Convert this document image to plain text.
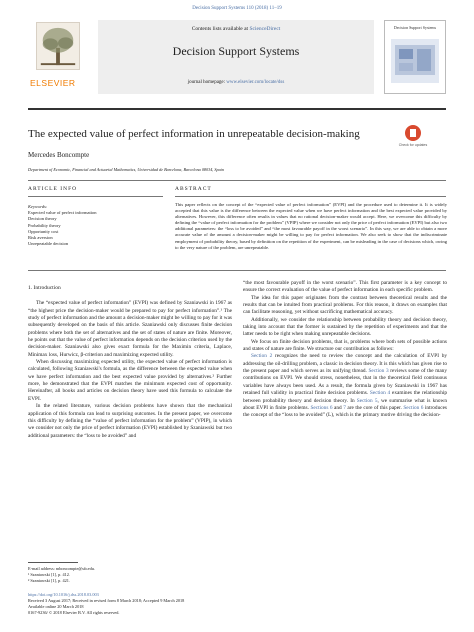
Decision Support Systems 110 (2018) 11–19
ELSEVIER
Contents lists available at ScienceDirect
Decision Support Systems
journal homepage: www.elsevier.com/locate/dss
Decision Support Systems
The expected value of perfect information in unrepeatable decision-making
Check for updates
Mercedes Boncompte
Department of Economic, Financial and Actuarial Mathematics, Universidad de Barcelona, Barcelona 08034, Spain
ARTICLE INFO	ABSTRACT
Keywords:
Expected value of perfect information
Decision theory
Probability theory
Opportunity cost
Risk aversion
Unrepeatable decision
This paper reflects on the concept of the “expected value of perfect information” (EVPI) and the procedure used to determine it. It is widely accepted that this value is the difference between the expected value when we have perfect information and the best expected value provided by alternatives. However, this difference often results in values that no rational decision-maker would accept. Here, we overcome this difficulty by defining the “value of perfect information for the problem” (VPIP) where we consider not only the price of perfect information (EVPI) but also two additional parameters: the “loss to be avoided” and “the most favourable payoff in the worst scenario”. In this way, we are able to obtain a more accurate value of the amount a decision-maker might be willing to pay for perfect information. We also seek to show that the indiscriminate employment of probability theory, based by definition on the repetition of the experiment, can be misleading in the case of decisions which, owing to the very nature of the problem, are unrepeatable.
1. Introduction

The “expected value of perfect information” (EVPI) was defined by Szaniawski in 1967 as “the highest price the decision-maker would be prepared to pay for perfect information”.¹ The study of perfect information and the amount a decision-maker might be willing to pay for it was subsequently developed on the basis of this article. Szaniawski only discusses finite decision problems where both the set of alternatives and the set of states of nature are finite. Moreover, he points out that the value of perfect information depends on the decision criterion used by the decision-maker. Szaniawski also gives exact formula for the Maximin criteria, Laplace, Minimax loss, Hurwicz, β-criterion and maximizing expected utility.

When discussing maximizing expected utility, the expected value of perfect information is calculated, following Szaniawski's formula, as the difference between the expected value when we have perfect information and the best expected value provided by alternatives.² Further more, he demonstrated that the EVPI matches the minimum expected cost of opportunity. Hereinafter, all books and articles on decision theory have used this formula to calculate the EVPI.

In the related literature, various decision problems have shown that the mechanical application of this formula can lead to surprising outcomes. In the present paper, we overcome this difficulty by defining the “value of perfect information for the problem” (VPIP), in which we consider not only the price of perfect information (EVPI) established by Szaniawski but two additional parameters: the “loss to be avoided” and

“the most favourable payoff in the worst scenario”. This first parameter is a key concept to ensure the correct evaluation of the value of perfect information in each specific problem.

The idea for this paper originates from the contrast between theoretical results and the results that can be intuited from practical problems. For this reason, it draws on examples that can facilitate reasoning, yet without sacrificing mathematical accuracy.

Additionally, we consider the relationship between probability theory and decision theory, taking into account that the former is sustained by the repetition of experiments and that the latter needs to be right when making unrepeatable decisions.

We focus on finite decision problems, that is, problems where both sets of possible actions and states of nature are finite. We structure our contribution as follows:

Section 2 recognizes the need to review the concept and the calculation of EVPI by addressing the oil-drilling problem, a classic in decision theory. It is this which has given rise to the present paper and which serves as its unifying thread. Section 3 reviews some of the many contributions on EVPI. We should stress, nonetheless, that in the theoretical field continuous variables have always been used. As a result, the formula given by Szaniawski in 1967 has retained full validity in practical finite decision problems. Section 4 examines the relationship between probability theory and decision theory. In Section 5, we summarise what is known about EVPI in finite problems. Sections 6 and 7 are the core of this paper. Section 6 introduces the concept of the “loss to be avoided” (L), which is the primary motive driving the decision-

E-mail address: mboncompte@ub.edu.
¹ Szaniawski [1], p. 412.
² Szaniawski [1], p. 421.
https://doi.org/10.1016/j.dss.2018.03.003
Received 3 August 2017; Received in revised form 8 March 2018; Accepted 9 March 2018
Available online 20 March 2018
0167-9236/ © 2018 Elsevier B.V. All rights reserved.
